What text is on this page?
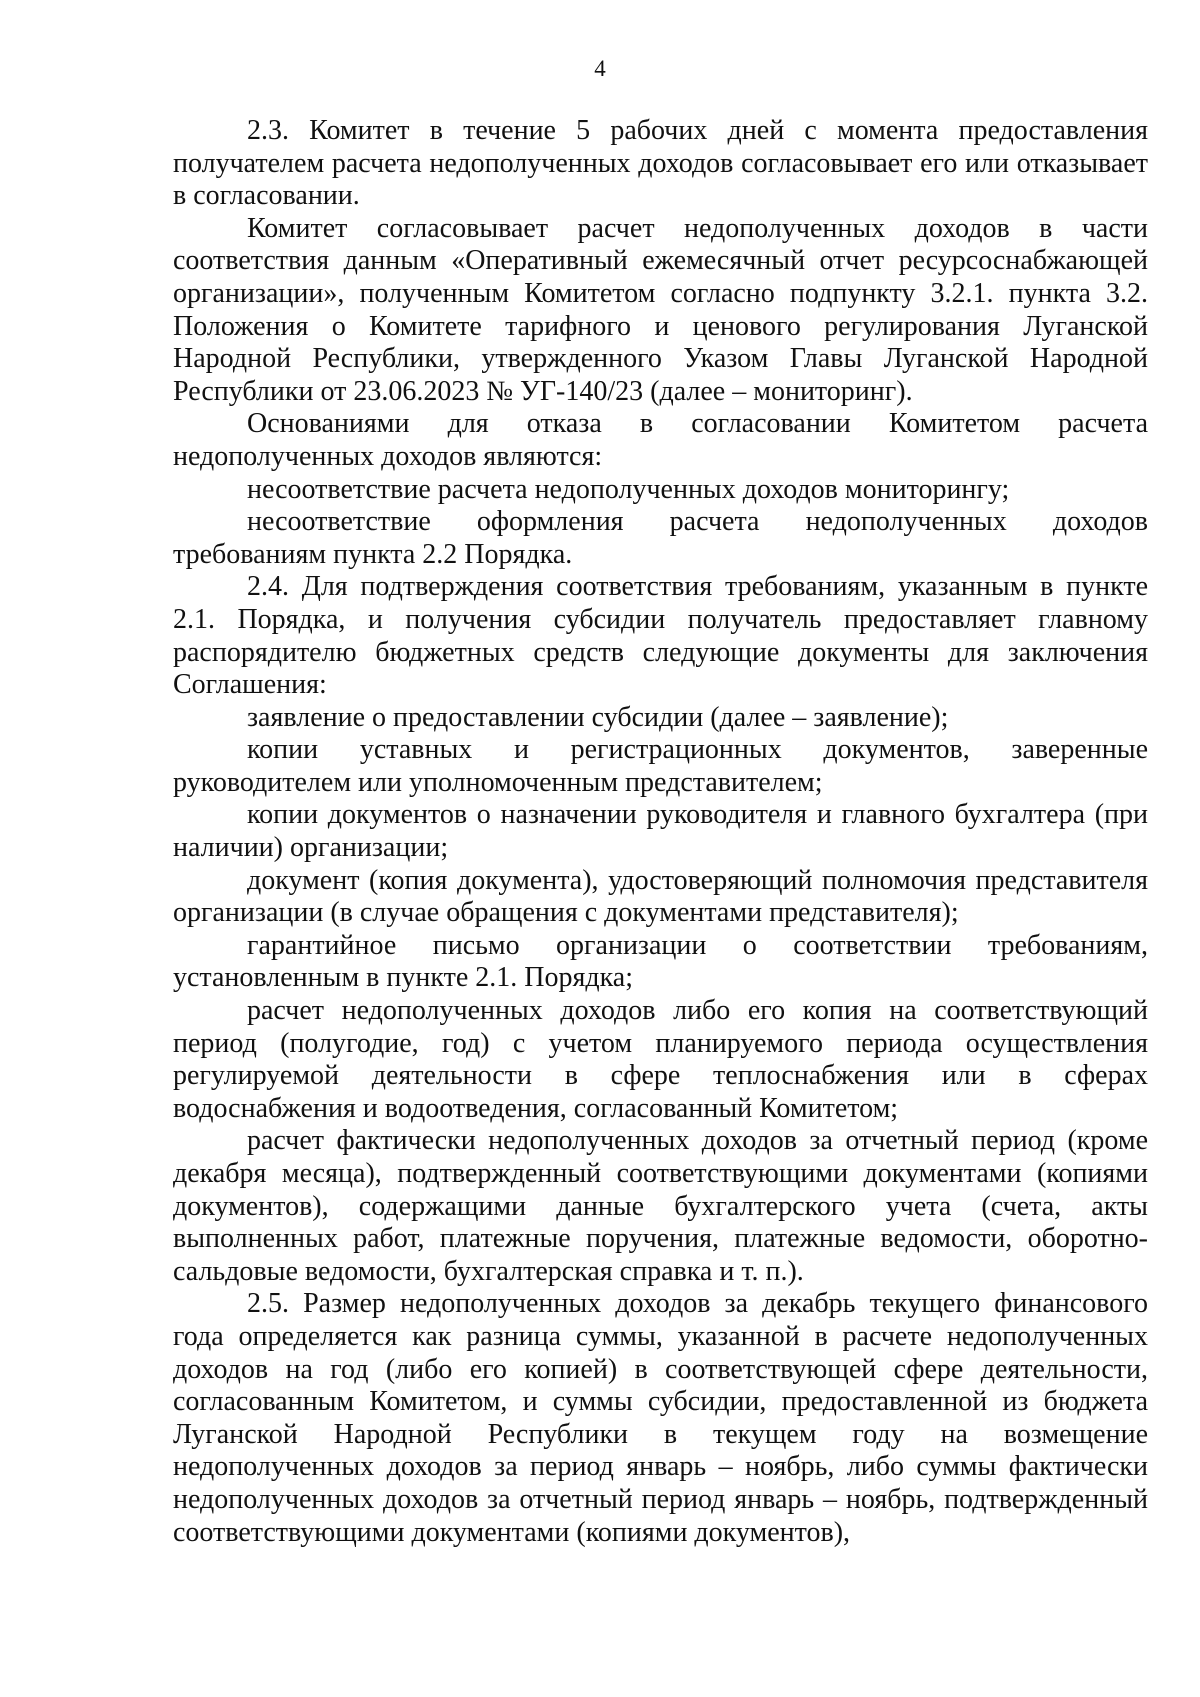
4

2.3. Комитет в течение 5 рабочих дней с момента предоставления получателем расчета недополученных доходов согласовывает его или отказывает в согласовании.

Комитет согласовывает расчет недополученных доходов в части соответствия данным «Оперативный ежемесячный отчет ресурсоснабжающей организации», полученным Комитетом согласно подпункту 3.2.1. пункта 3.2. Положения о Комитете тарифного и ценового регулирования Луганской Народной Республики, утвержденного Указом Главы Луганской Народной Республики от 23.06.2023 № УГ-140/23 (далее – мониторинг).

Основаниями для отказа в согласовании Комитетом расчета недополученных доходов являются:

несоответствие расчета недополученных доходов мониторингу;

несоответствие оформления расчета недополученных доходов требованиям пункта 2.2 Порядка.

2.4. Для подтверждения соответствия требованиям, указанным в пункте 2.1. Порядка, и получения субсидии получатель предоставляет главному распорядителю бюджетных средств следующие документы для заключения Соглашения:

заявление о предоставлении субсидии (далее – заявление);

копии уставных и регистрационных документов, заверенные руководителем или уполномоченным представителем;

копии документов о назначении руководителя и главного бухгалтера (при наличии) организации;

документ (копия документа), удостоверяющий полномочия представителя организации (в случае обращения с документами представителя);

гарантийное письмо организации о соответствии требованиям, установленным в пункте 2.1. Порядка;

расчет недополученных доходов либо его копия на соответствующий период (полугодие, год) с учетом планируемого периода осуществления регулируемой деятельности в сфере теплоснабжения или в сферах водоснабжения и водоотведения, согласованный Комитетом;

расчет фактически недополученных доходов за отчетный период (кроме декабря месяца), подтвержденный соответствующими документами (копиями документов), содержащими данные бухгалтерского учета (счета, акты выполненных работ, платежные поручения, платежные ведомости, оборотно-сальдовые ведомости, бухгалтерская справка и т. п.).

2.5. Размер недополученных доходов за декабрь текущего финансового года определяется как разница суммы, указанной в расчете недополученных доходов на год (либо его копией) в соответствующей сфере деятельности, согласованным Комитетом, и суммы субсидии, предоставленной из бюджета Луганской Народной Республики в текущем году на возмещение недополученных доходов за период январь – ноябрь, либо суммы фактически недополученных доходов за отчетный период январь – ноябрь, подтвержденный соответствующими документами (копиями документов),
